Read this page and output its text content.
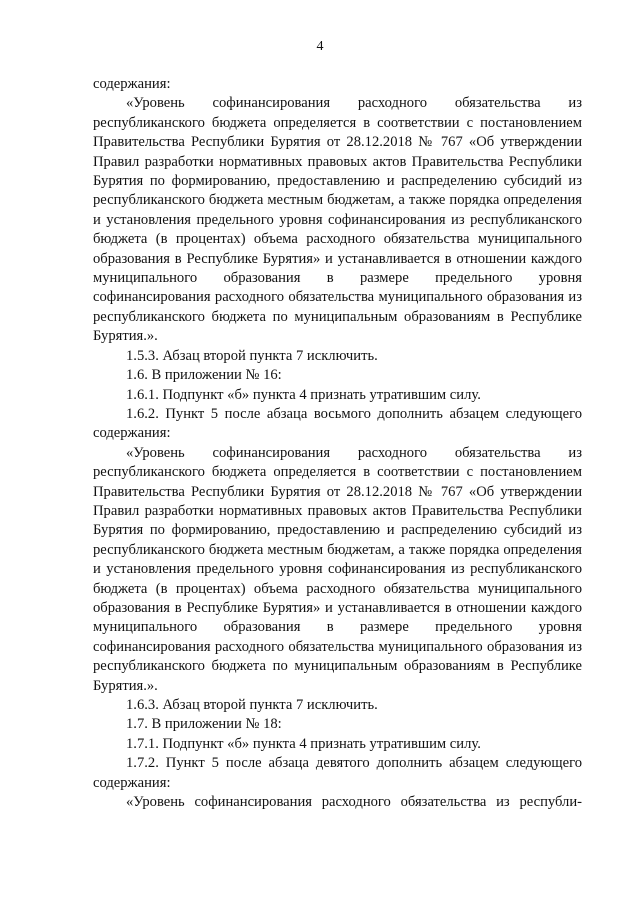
4

содержания:

«Уровень софинансирования расходного обязательства из республиканского бюджета определяется в соответствии с постановлением Правительства Республики Бурятия от 28.12.2018 № 767 «Об утверждении Правил разработки нормативных правовых актов Правительства Республики Бурятия по формированию, предоставлению и распределению субсидий из республиканского бюджета местным бюджетам, а также порядка определения и установления предельного уровня софинансирования из республиканского бюджета (в процентах) объема расходного обязательства муниципального образования в Республике Бурятия» и устанавливается в отношении каждого муниципального образования в размере предельного уровня софинансирования расходного обязательства муниципального образования из республиканского бюджета по муниципальным образованиям в Республике Бурятия.».

1.5.3. Абзац второй пункта 7 исключить.

1.6. В приложении № 16:

1.6.1. Подпункт «б» пункта 4 признать утратившим силу.

1.6.2. Пункт 5 после абзаца восьмого дополнить абзацем следующего содержания:

«Уровень софинансирования расходного обязательства из республиканского бюджета определяется в соответствии с постановлением Правительства Республики Бурятия от 28.12.2018 № 767 «Об утверждении Правил разработки нормативных правовых актов Правительства Республики Бурятия по формированию, предоставлению и распределению субсидий из республиканского бюджета местным бюджетам, а также порядка определения и установления предельного уровня софинансирования из республиканского бюджета (в процентах) объема расходного обязательства муниципального образования в Республике Бурятия» и устанавливается в отношении каждого муниципального образования в размере предельного уровня софинансирования расходного обязательства муниципального образования из республиканского бюджета по муниципальным образованиям в Республике Бурятия.».

1.6.3. Абзац второй пункта 7 исключить.

1.7. В приложении № 18:

1.7.1. Подпункт «б» пункта 4 признать утратившим силу.

1.7.2. Пункт 5 после абзаца девятого дополнить абзацем следующего содержания:

«Уровень софинансирования расходного обязательства из республи-
